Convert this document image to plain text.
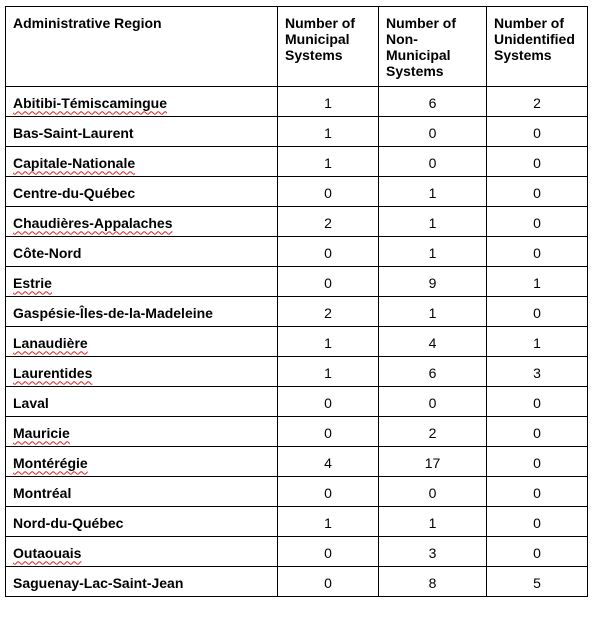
Administrative Region	Number of Municipal Systems	Number of Non-Municipal Systems	Number of Unidentified Systems
Abitibi-Témiscamingue	1	6	2
Bas-Saint-Laurent	1	0	0
Capitale-Nationale	1	0	0
Centre-du-Québec	0	1	0
Chaudières-Appalaches	2	1	0
Côte-Nord	0	1	0
Estrie	0	9	1
Gaspésie-Îles-de-la-Madeleine	2	1	0
Lanaudière	1	4	1
Laurentides	1	6	3
Laval	0	0	0
Mauricie	0	2	0
Montérégie	4	17	0
Montréal	0	0	0
Nord-du-Québec	1	1	0
Outaouais	0	3	0
Saguenay-Lac-Saint-Jean	0	8	5
